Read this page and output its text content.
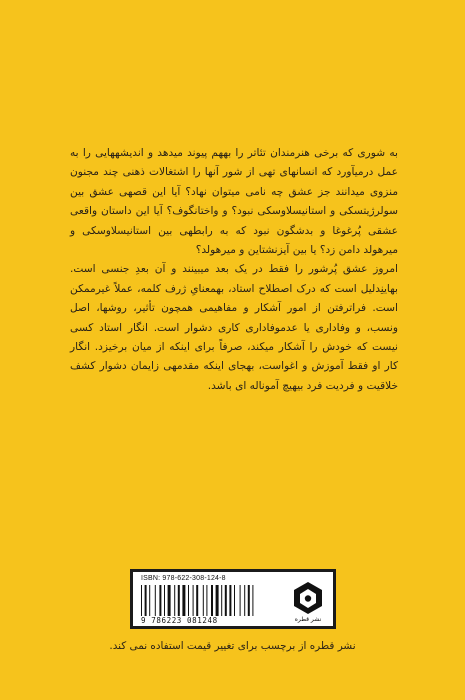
به شوری که برخی هنرمندان تئاتر را بههم پیوند میدهد و اندیشههایی را به عمل درمیآورد که انسانهای تهی از شور آنها را اشتغالات ذهنی چند مجنون منزوی میدانند جز عشق چه نامی میتوان نهاد؟ آیا این قصهی عشق بین سولرژیتسکی و استانیسلاوسکی نبود؟ و واختانگوف؟ آیا این داستان واقعی عشقی پُرغوغا و بدشگون نبود که به رابطهی بین استانیسلاوسکی و میرهولد دامن زد؟ یا بین آیزنشتاین و میرهولد؟

امروز عشق پُرشور را فقط در یک بعد میبینند و آن بعدِ جنسی است. بهاینِدلیل است که درک اصطلاح استاد، بهمعنایِ ژرف کلمه، عملاً غیرممکن است. فراترفتن از امور آشکار و مفاهیمی همچون تأثیر، روشها، اصل ونسب، و وفاداری یا عدموفاداری کاری دشوار است. انگار استاد کسی نیست که خودش را آشکار میکند، صرفاً برای اینکه از میان برخیزد. انگار کار او فقط آموزش و اغواست، بهجای اینکه مقدمهی زایمان دشوار کشف خلاقیت و فردیت فرد بیهیچ آموناله ای باشد.

ISBN: 978-622-308-124-8
9 786223 081248	نشر قطره
نشر قطره از برچسب برای تغییر قیمت استفاده نمی کند.
